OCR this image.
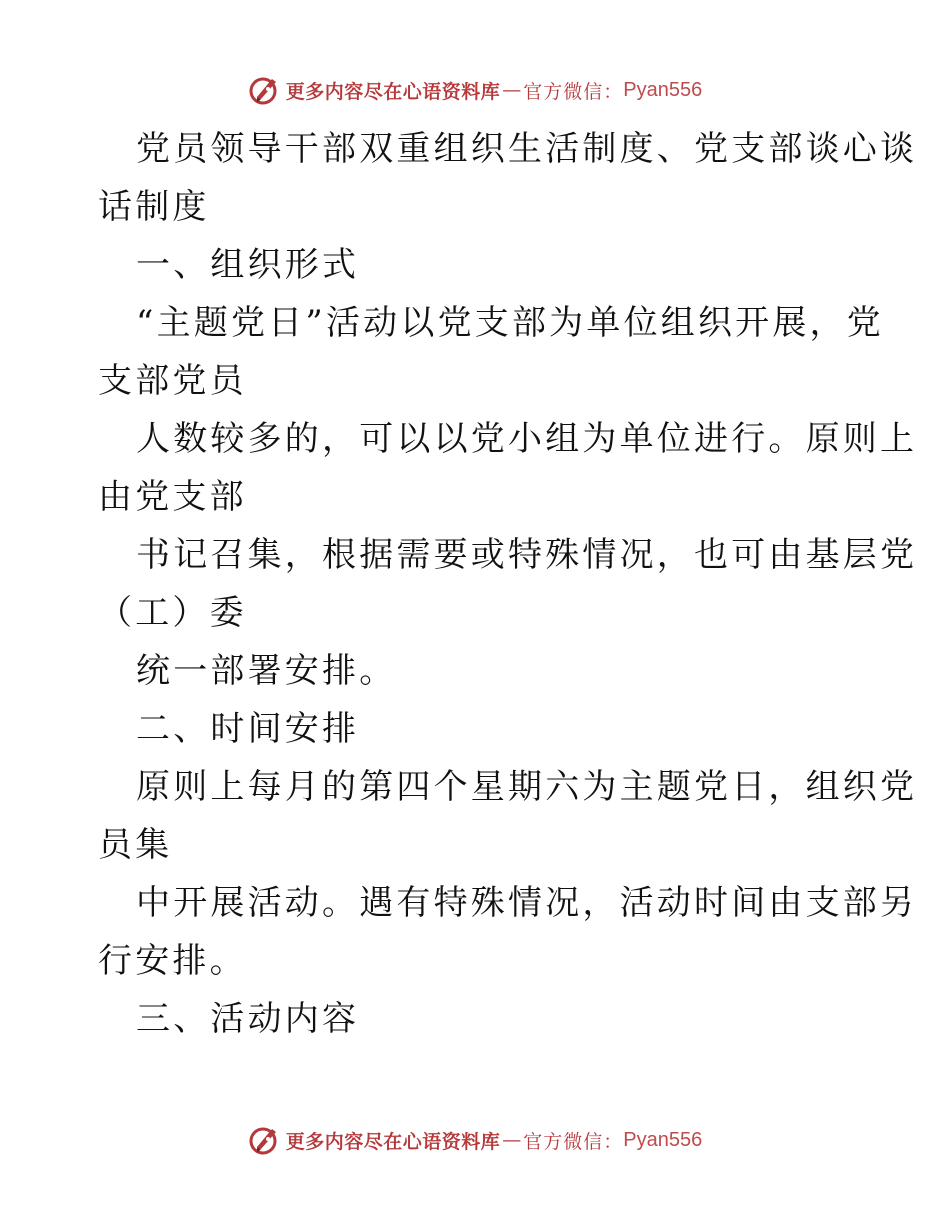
更多内容尽在心语资料库 — 官方微信： Pyan556
党员领导干部双重组织生活制度、党支部谈心谈
话制度
一、组织形式
“主题党日”活动以党支部为单位组织开展，党
支部党员
人数较多的，可以以党小组为单位进行。原则上
由党支部
书记召集，根据需要或特殊情况，也可由基层党
（工）委
统一部署安排。
二、时间安排
原则上每月的第四个星期六为主题党日，组织党
员集
中开展活动。遇有特殊情况，活动时间由支部另
行安排。
三、活动内容
更多内容尽在心语资料库 — 官方微信： Pyan556
